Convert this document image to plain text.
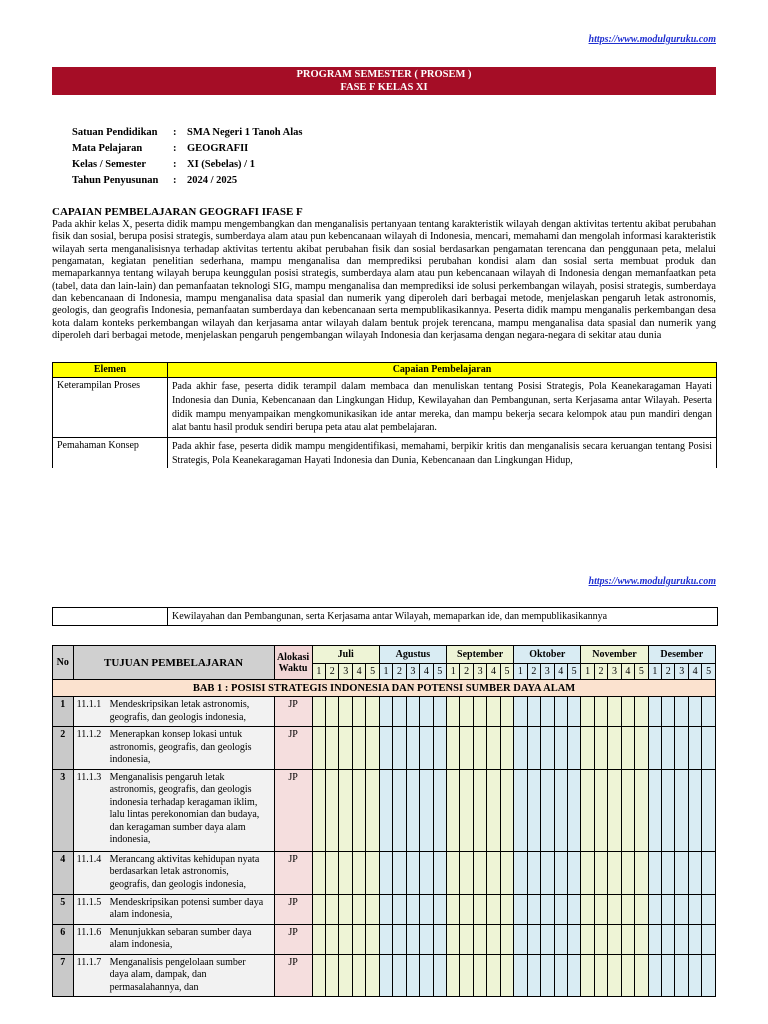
https://www.modulguruku.com
PROGRAM SEMESTER ( PROSEM )
FASE F KELAS XI
Satuan Pendidikan	:	SMA Negeri 1 Tanoh Alas
Mata Pelajaran	:	GEOGRAFII
Kelas / Semester	:	XI (Sebelas) / 1
Tahun Penyusunan	:	2024 / 2025
CAPAIAN PEMBELAJARAN GEOGRAFI IFASE F
Pada akhir kelas X, peserta didik mampu mengembangkan dan menganalisis pertanyaan tentang karakteristik wilayah dengan aktivitas tertentu akibat perubahan fisik dan sosial, berupa posisi strategis, sumberdaya alam atau pun kebencanaan wilayah di Indonesia, mencari, memahami dan mengolah informasi karakteristik wilayah serta menganalisisnya terhadap aktivitas tertentu akibat perubahan fisik dan sosial berdasarkan pengamatan terencana dan penggunaan peta, melalui pengamatan, kegiatan penelitian sederhana, mampu menganalisa dan memprediksi perubahan kondisi alam dan sosial serta membuat produk dan memaparkannya tentang wilayah berupa keunggulan posisi strategis, sumberdaya alam atau pun kebencanaan wilayah di Indonesia dengan memanfaatkan peta (tabel, data dan lain-lain) dan pemanfaatan teknologi SIG, mampu menganalisa dan memprediksi ide solusi perkembangan wilayah, posisi strategis, sumberdaya dan kebencanaan di Indonesia, mampu menganalisa data spasial dan numerik yang diperoleh dari berbagai metode, menjelaskan pengaruh letak astronomis, geologis, dan geografis Indonesia, pemanfaatan sumberdaya dan kebencanaan serta mempublikasikannya. Peserta didik mampu menganalis perkembangan desa kota dalam konteks perkembangan wilayah dan kerjasama antar wilayah dalam bentuk projek terencana, mampu menganalisa data spasial dan numerik yang diperoleh dari berbagai metode, menjelaskan pengaruh pengembangan wilayah Indonesia dan kerjasama dengan negara-negara di sekitar atau dunia
Elemen	Capaian Pembelajaran
Keterampilan Proses	Pada akhir fase, peserta didik terampil dalam membaca dan menuliskan tentang Posisi Strategis, Pola Keanekaragaman Hayati Indonesia dan Dunia, Kebencanaan dan Lingkungan Hidup, Kewilayahan dan Pembangunan, serta Kerjasama antar Wilayah. Peserta didik mampu menyampaikan mengkomunikasikan ide antar mereka, dan mampu bekerja secara kelompok atau pun mandiri dengan alat bantu hasil produk sendiri berupa peta atau alat pembelajaran.
Pemahaman Konsep	Pada akhir fase, peserta didik mampu mengidentifikasi, memahami, berpikir kritis dan menganalisis secara keruangan tentang Posisi Strategis, Pola Keanekaragaman Hayati Indonesia dan Dunia, Kebencanaan dan Lingkungan Hidup,
https://www.modulguruku.com
	Kewilayahan dan Pembangunan, serta Kerjasama antar Wilayah, memaparkan ide, dan mempublikasikannya
No	TUJUAN PEMBELAJARAN	Alokasi Waktu	Juli					Agustus					September					Oktober					November					Desember				
			1	2	3	4	5	1	2	3	4	5	1	2	3	4	5	1	2	3	4	5	1	2	3	4	5	1	2	3	4	5
BAB 1 : POSISI STRATEGIS INDONESIA DAN POTENSI SUMBER DAYA ALAM																																
1	11.1.1 Mendeskripsikan letak astronomis, geografis, dan geologis indonesia,	JP																														
2	11.1.2 Menerapkan konsep lokasi untuk astronomis, geografis, dan geologis indonesia,	JP																														
3	11.1.3 Menganalisis pengaruh letak astronomis, geografis, dan geologis indonesia terhadap keragaman iklim, lalu lintas perekonomian dan budaya, dan keragaman sumber daya alam indonesia,	JP																														
4	11.1.4 Merancang aktivitas kehidupan nyata berdasarkan letak astronomis, geografis, dan geologis indonesia,	JP																														
5	11.1.5 Mendeskripsikan potensi sumber daya alam indonesia,	JP																														
6	11.1.6 Menunjukkan sebaran sumber daya alam indonesia,	JP																														
7	11.1.7 Menganalisis pengelolaan sumber daya alam, dampak, dan permasalahannya, dan	JP																														
